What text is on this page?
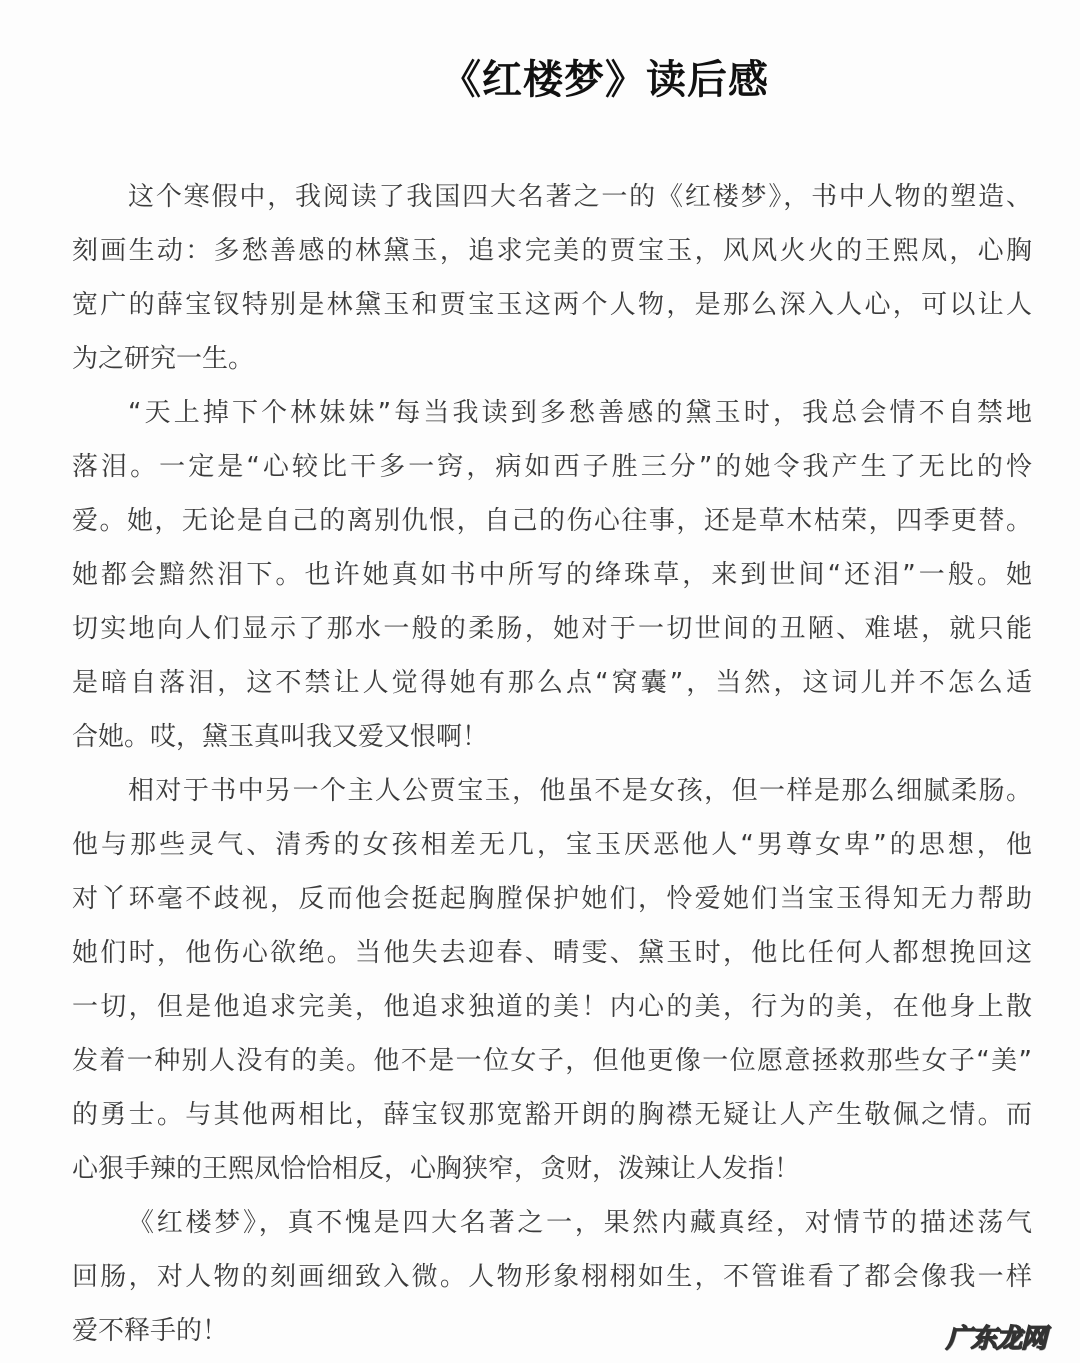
《红楼梦》读后感
这个寒假中，我阅读了我国四大名著之一的《红楼梦》，书中人物的塑造、
刻画生动：多愁善感的林黛玉，追求完美的贾宝玉，风风火火的王熙凤，心胸
宽广的薛宝钗特别是林黛玉和贾宝玉这两个人物，是那么深入人心，可以让人
为之研究一生。
“天上掉下个林妹妹”每当我读到多愁善感的黛玉时，我总会情不自禁地
落泪。一定是“心较比干多一窍，病如西子胜三分”的她令我产生了无比的怜
爱。她，无论是自己的离别仇恨，自己的伤心往事，还是草木枯荣，四季更替。
她都会黯然泪下。也许她真如书中所写的绛珠草，来到世间“还泪”一般。她
切实地向人们显示了那水一般的柔肠，她对于一切世间的丑陋、难堪，就只能
是暗自落泪，这不禁让人觉得她有那么点“窝囊”，当然，这词儿并不怎么适
合她。哎，黛玉真叫我又爱又恨啊！
相对于书中另一个主人公贾宝玉，他虽不是女孩，但一样是那么细腻柔肠。
他与那些灵气、清秀的女孩相差无几，宝玉厌恶他人“男尊女卑”的思想，他
对丫环毫不歧视，反而他会挺起胸膛保护她们，怜爱她们当宝玉得知无力帮助
她们时，他伤心欲绝。当他失去迎春、晴雯、黛玉时，他比任何人都想挽回这
一切，但是他追求完美，他追求独道的美！内心的美，行为的美，在他身上散
发着一种别人没有的美。他不是一位女子，但他更像一位愿意拯救那些女子“美”
的勇士。与其他两相比，薛宝钗那宽豁开朗的胸襟无疑让人产生敬佩之情。而
心狠手辣的王熙凤恰恰相反，心胸狭窄，贪财，泼辣让人发指！
《红楼梦》，真不愧是四大名著之一，果然内藏真经，对情节的描述荡气
回肠，对人物的刻画细致入微。人物形象栩栩如生，不管谁看了都会像我一样
爱不释手的！	广东龙网
